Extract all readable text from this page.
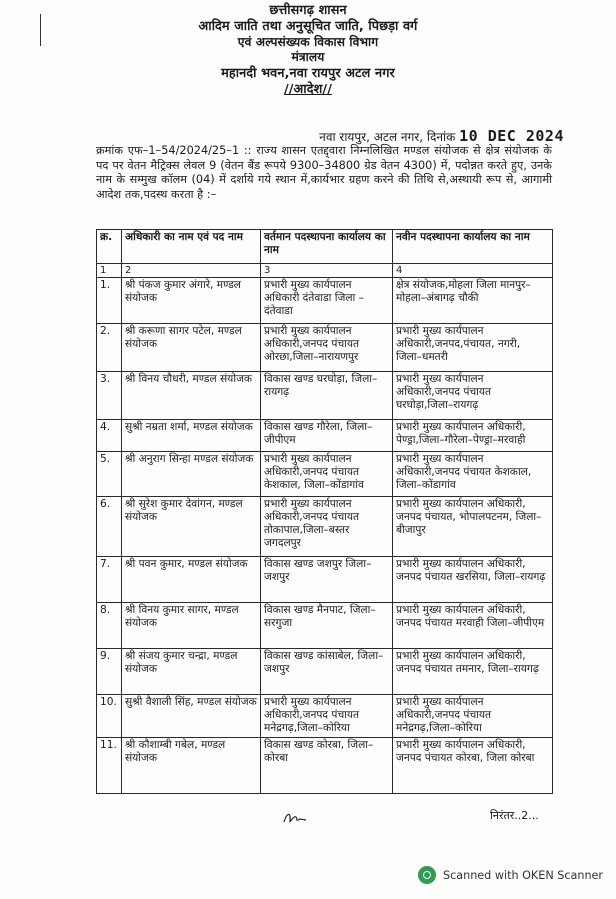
छत्तीसगढ़ शासन
आदिम जाति तथा अनुसूचित जाति, पिछड़ा वर्ग
एवं अल्पसंख्यक विकास विभाग
मंत्रालय
महानदी भवन,नवा रायपुर अटल नगर
//आदेश//
नवा रायपुर, अटल नगर, दिनांक 10 DEC 2024
क्रमांक एफ–1–54/2024/25–1 :: राज्य शासन एतद्द्वारा निम्नलिखित मण्डल संयोजक से क्षेत्र संयोजक के पद पर वेतन मैट्रिक्स लेवल 9 (वेतन बैंड रूपये 9300–34800 ग्रेड वेतन 4300) में, पदोन्नत करते हुए, उनके नाम के सम्मुख कॉलम (04) में दर्शाये गये स्थान में,कार्यभार ग्रहण करने की तिथि से,अस्थायी रूप से, आगामी आदेश तक,पदस्थ करता है :–
क्र.	अधिकारी का नाम एवं पद नाम	वर्तमान पदस्थापना कार्यालय का नाम	नवीन पदस्थापना कार्यालय का नाम
1	2	3	4
1.	श्री पंकज कुमार अंगारे, मण्डल संयोजक	प्रभारी मुख्य कार्यपालन अधिकारी दंतेवाडा जिला –दंतेवाडा	क्षेत्र संयोजक,मोहला जिला मानपुर–मोहला–अंबागढ़ चौकी
2.	श्री करूणा सागर पटेल, मण्डल संयोजक	प्रभारी मुख्य कार्यपालन अधिकारी,जनपद पंचायत ओरछा,जिला–नारायणपुर	प्रभारी मुख्य कार्यपालन अधिकारी,जनपद,पंचायत, नगरी, जिला–धमतरी
3.	श्री विनय चौधरी, मण्डल संयोजक	विकास खण्ड घरघोड़ा, जिला–रायगढ़	प्रभारी मुख्य कार्यपालन अधिकारी,जनपद पंचायत घरघोड़ा,जिला–रायगढ़
4.	सुश्री नम्रता शर्मा, मण्डल संयोजक	विकास खण्ड गौरेला, जिला–जीपीएम	प्रभारी मुख्य कार्यपालन अधिकारी, पेण्ड्रा,जिला–गौरेला–पेण्ड्रा–मरवाही
5.	श्री अनुराग सिन्हा मण्डल संयोजक	प्रभारी मुख्य कार्यपालन अधिकारी,जनपद पंचायत केशकाल, जिला–कोंडागांव	प्रभारी मुख्य कार्यपालन अधिकारी,जनपद पंचायत केशकाल, जिला–कोंडागांव
6.	श्री सुरेश कुमार देवांगन, मण्डल संयोजक	प्रभारी मुख्य कार्यपालन अधिकारी,जनपद पंचायत तोकापाल,जिला–बस्तर जगदलपुर	प्रभारी मुख्य कार्यपालन अधिकारी, जनपद पंचायत, भोपालपटनम, जिला–बीजापुर
7.	श्री पवन कुमार, मण्डल संयोजक	विकास खण्ड जशपुर जिला–जशपुर	प्रभारी मुख्य कार्यपालन अधिकारी, जनपद पंचायत खरसिया, जिला–रायगढ़
8.	श्री विनय कुमार सागर, मण्डल संयोजक	विकास खण्ड मैनपाट, जिला– सरगुजा	प्रभारी मुख्य कार्यपालन अधिकारी, जनपद पंचायत मरवाही जिला–जीपीएम
9.	श्री संजय कुमार चन्द्रा, मण्डल संयोजक	विकास खण्ड कांसाबेल, जिला– जशपुर	प्रभारी मुख्य कार्यपालन अधिकारी, जनपद पंचायत तमनार, जिला–रायगढ़
10.	सुश्री वैशाली सिंह, मण्डल संयोजक	प्रभारी मुख्य कार्यपालन अधिकारी,जनपद पंचायत मनेद्रगढ़,जिला–कोरिया	प्रभारी मुख्य कार्यपालन अधिकारी,जनपद पंचायत मनेद्रगढ़,जिला–कोरिया
11.	श्री कौशाम्बी गबेल, मण्डल संयोजक	विकास खण्ड कोरबा, जिला–कोरबा	प्रभारी मुख्य कार्यपालन अधिकारी, जनपद पंचायत कोरबा, जिला कोरबा
निरंतर..2...
Scanned with OKEN Scanner
